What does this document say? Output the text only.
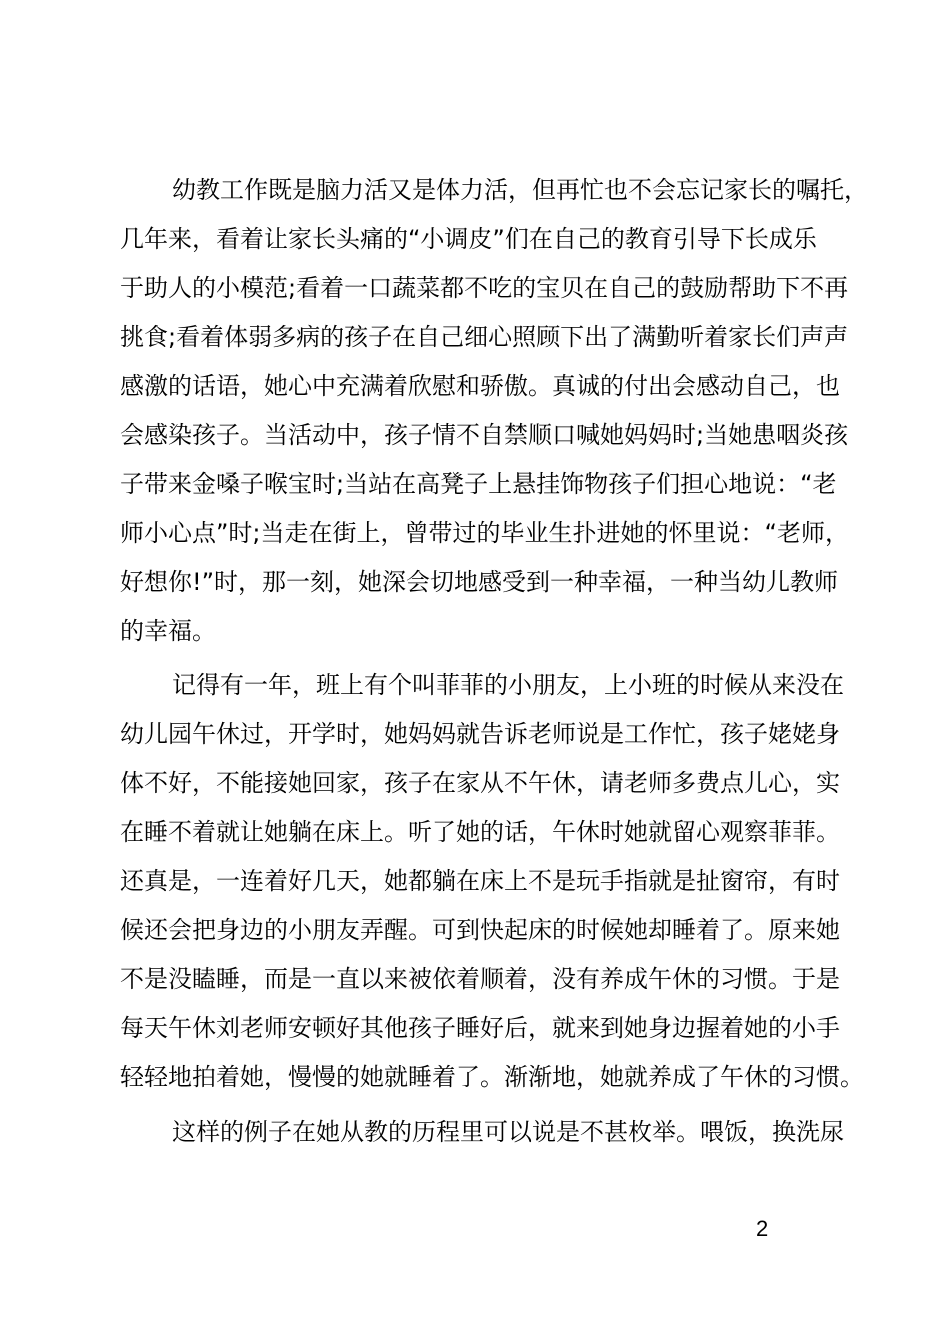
幼教工作既是脑力活又是体力活，但再忙也不会忘记家长的嘱托，
几年来，看着让家长头痛的“小调皮”们在自己的教育引导下长成乐
于助人的小模范;看着一口蔬菜都不吃的宝贝在自己的鼓励帮助下不再
挑食;看着体弱多病的孩子在自己细心照顾下出了满勤听着家长们声声
感激的话语，她心中充满着欣慰和骄傲。真诚的付出会感动自己，也
会感染孩子。当活动中，孩子情不自禁顺口喊她妈妈时;当她患咽炎孩
子带来金嗓子喉宝时;当站在高凳子上悬挂饰物孩子们担心地说：“老
师小心点”时;当走在街上，曾带过的毕业生扑进她的怀里说：“老师，
好想你!”时，那一刻，她深会切地感受到一种幸福，一种当幼儿教师
的幸福。
记得有一年，班上有个叫菲菲的小朋友，上小班的时候从来没在
幼儿园午休过，开学时，她妈妈就告诉老师说是工作忙，孩子姥姥身
体不好，不能接她回家，孩子在家从不午休，请老师多费点儿心，实
在睡不着就让她躺在床上。听了她的话，午休时她就留心观察菲菲。
还真是，一连着好几天，她都躺在床上不是玩手指就是扯窗帘，有时
候还会把身边的小朋友弄醒。可到快起床的时候她却睡着了。原来她
不是没瞌睡，而是一直以来被依着顺着，没有养成午休的习惯。于是
每天午休刘老师安顿好其他孩子睡好后，就来到她身边握着她的小手
轻轻地拍着她，慢慢的她就睡着了。渐渐地，她就养成了午休的习惯。
这样的例子在她从教的历程里可以说是不甚枚举。喂饭，换洗尿
2
